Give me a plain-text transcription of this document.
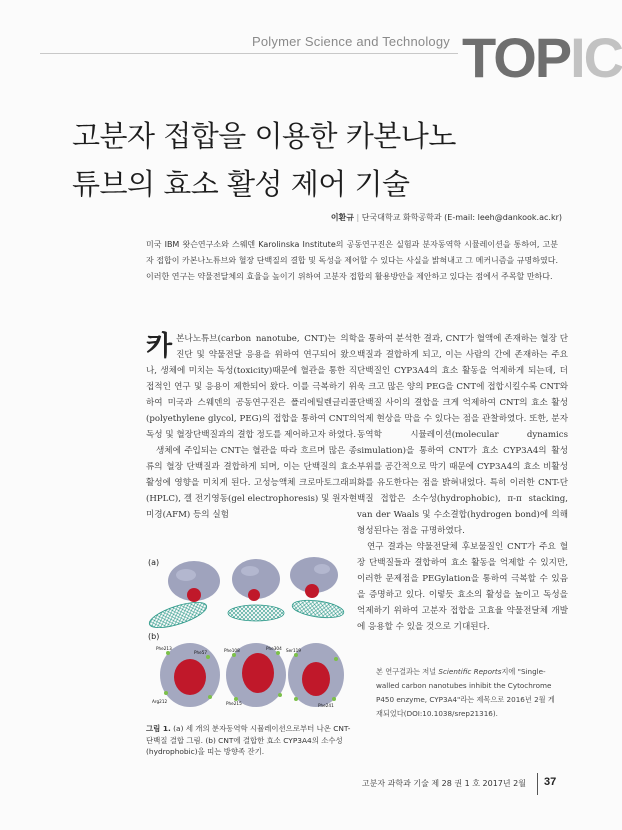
Polymer Science and Technology TOPIC
고분자 접합을 이용한 카본나노
튜브의 효소 활성 제어 기술
이환규 | 단국대학교 화학공학과 (E-mail: leeh@dankook.ac.kr)
미국 IBM 왓슨연구소와 스웨덴 Karolinska Institute의 공동연구진은 실험과 분자동역학 시뮬레이션을 통하여, 고분자 접합이 카본나노튜브와 혈장 단백질의 결합 및 독성을 제어할 수 있다는 사실을 밝혀내고 그 메커니즘을 규명하였다. 이러한 연구는 약물전달체의 효율을 높이기 위하여 고분자 접합의 활용방안을 제안하고 있다는 점에서 주목할 만하다.

카본나노튜브(carbon nanotube, CNT)는 의학진단 및 약물전달 응용을 위하여 연구되어 왔으나, 생체에 미치는 독성(toxicity)때문에 혈관을 통한 직접적인 연구 및 응용이 제한되어 왔다. 이를 극복하기 위하여 미국과 스웨덴의 공동연구진은 폴리에틸렌글리콜(polyethylene glycol, PEG)의 접합을 통하여 CNT의 독성 및 혈장단백질과의 결합 정도를 제어하고자 하였다.

생체에 주입되는 CNT는 혈관을 따라 흐르며 많은 종류의 혈장 단백질과 결합하게 되며, 이는 단백질의 효소 활성에 영향을 미치게 된다. 고성능액체 크로마토그래피(HPLC), 겔 전기영동(gel electrophoresis) 및 원자현미경(AFM) 등의 실험

을 통하여 분석한 결과, CNT가 혈액에 존재하는 혈장 단백질과 결합하게 되고, 이는 사람의 간에 존재하는 주요 단백질인 CYP3A4의 효소 활동을 억제하게 되는데, 더욱 크고 많은 양의 PEG을 CNT에 접합시킬수록 CNT와 단백질 사이의 결합을 크게 억제하여 CNT의 효소 활성 억제 현상을 막을 수 있다는 점을 관찰하였다. 또한, 분자동역학 시뮬레이션(molecular dynamics simulation)을 통하여 CNT가 효소 CYP3A4의 활성 부위를 공간적으로 막기 때문에 CYP3A4의 효소 비활성화를 유도한다는 점을 밝혀내었다. 특히 이러한 CNT-단백질 접합은 소수성(hydrophobic), π-π stacking, van der Waals 및 수소결합(hydrogen bond)에 의해 형성된다는 점을 규명하였다.

연구 결과는 약물전달체 후보물질인 CNT가 주요 혈장 단백질들과 결합하여 효소 활동을 억제할 수 있지만, 이러한 문제점을 PEGylation을 통하여 극복할 수 있음을 증명하고 있다. 이렇듯 효소의 활성을 높이고 독성을 억제하기 위하여 고분자 접합을 고효율 약물전달체 개발에 응용할 수 있을 것으로 기대된다.

(a)
(b)
Phe213
Phe57
Arg212
Phe108	Phe304
Phe215
Ser119
Phe241
그림 1. (a) 세 개의 분자동역학 시뮬레이션으로부터 나온 CNT-단백질 결합 그림. (b) CNT에 결합한 효소 CYP3A4의 소수성(hydrophobic)을 띠는 방향족 잔기.
본 연구결과는 저널 Scientific Reports지에 "Single-walled carbon nanotubes inhibit the Cytochrome P450 enzyme, CYP3A4"라는 제목으로 2016년 2월 게재되었다(DOI:10.1038/srep21316).
고분자 과학과 기술 제 28 권 1 호 2017년 2월 37
